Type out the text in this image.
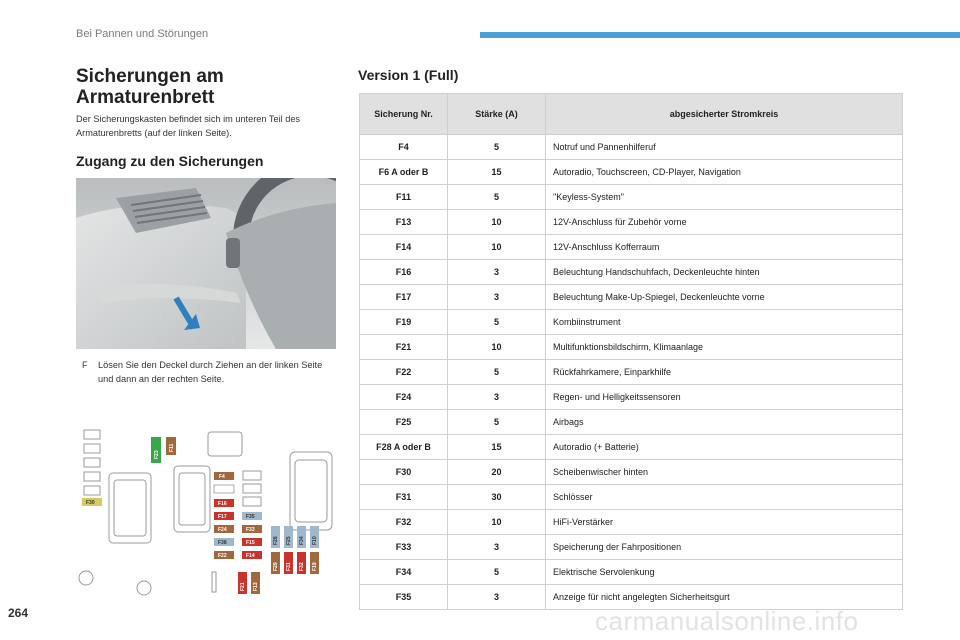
Bei Pannen und Störungen
Sicherungen am Armaturenbrett
Der Sicherungskasten befindet sich im unteren Teil des Armaturenbretts (auf der linken Seite).
Zugang zu den Sicherungen
F	Lösen Sie den Deckel durch Ziehen an der linken Seite und dann an der rechten Seite.
F23
F11
F30
F4
F16
F17	F35
F24	F33
F38	F15
F22	F14
F28 F25 F34 F10
F29 F31 F32 F19
F21 F13
Version 1 (Full)
Sicherung Nr.	Stärke (A)	abgesicherter Stromkreis
F4	5	Notruf und Pannenhilferuf
F6 A oder B	15	Autoradio, Touchscreen, CD-Player, Navigation
F11	5	"Keyless-System"
F13	10	12V-Anschluss für Zubehör vorne
F14	10	12V-Anschluss Kofferraum
F16	3	Beleuchtung Handschuhfach, Deckenleuchte hinten
F17	3	Beleuchtung Make-Up-Spiegel, Deckenleuchte vorne
F19	5	Kombiinstrument
F21	10	Multifunktionsbildschirm, Klimaanlage
F22	5	Rückfahrkamere, Einparkhilfe
F24	3	Regen- und Helligkeitssensoren
F25	5	Airbags
F28 A oder B	15	Autoradio (+ Batterie)
F30	20	Scheibenwischer hinten
F31	30	Schlösser
F32	10	HiFi-Verstärker
F33	3	Speicherung der Fahrpositionen
F34	5	Elektrische Servolenkung
F35	3	Anzeige für nicht angelegten Sicherheitsgurt
264	carmanualsonline.info
